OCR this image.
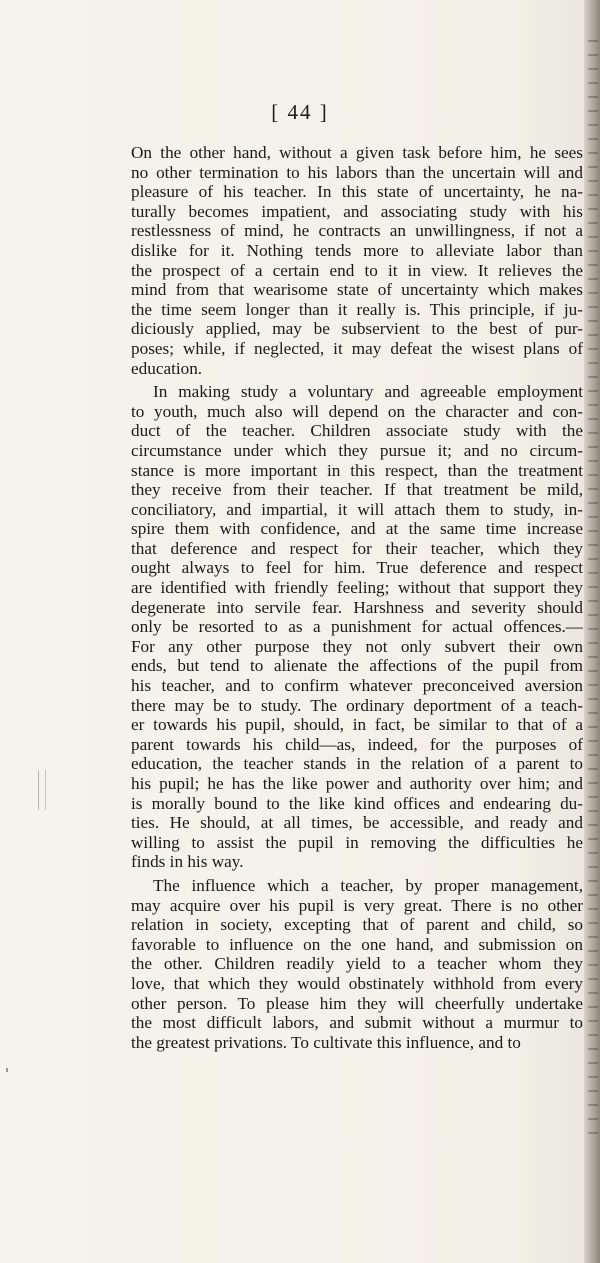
[ 44 ]
On the other hand, without a given task before him, he sees
no other termination to his labors than the uncertain will and
pleasure of his teacher. In this state of uncertainty, he na-
turally becomes impatient, and associating study with his
restlessness of mind, he contracts an unwillingness, if not a
dislike for it. Nothing tends more to alleviate labor than
the prospect of a certain end to it in view. It relieves the
mind from that wearisome state of uncertainty which makes
the time seem longer than it really is. This principle, if ju-
diciously applied, may be subservient to the best of pur-
poses; while, if neglected, it may defeat the wisest plans of
education.
In making study a voluntary and agreeable employment
to youth, much also will depend on the character and con-
duct of the teacher. Children associate study with the
circumstance under which they pursue it; and no circum-
stance is more important in this respect, than the treatment
they receive from their teacher. If that treatment be mild,
conciliatory, and impartial, it will attach them to study, in-
spire them with confidence, and at the same time increase
that deference and respect for their teacher, which they
ought always to feel for him. True deference and respect
are identified with friendly feeling; without that support they
degenerate into servile fear. Harshness and severity should
only be resorted to as a punishment for actual offences.—
For any other purpose they not only subvert their own
ends, but tend to alienate the affections of the pupil from
his teacher, and to confirm whatever preconceived aversion
there may be to study. The ordinary deportment of a teach-
er towards his pupil, should, in fact, be similar to that of a
parent towards his child—as, indeed, for the purposes of
education, the teacher stands in the relation of a parent to
his pupil; he has the like power and authority over him; and
is morally bound to the like kind offices and endearing du-
ties. He should, at all times, be accessible, and ready and
willing to assist the pupil in removing the difficulties he
finds in his way.
The influence which a teacher, by proper management,
may acquire over his pupil is very great. There is no other
relation in society, excepting that of parent and child, so
favorable to influence on the one hand, and submission on
the other. Children readily yield to a teacher whom they
love, that which they would obstinately withhold from every
other person. To please him they will cheerfully undertake
the most difficult labors, and submit without a murmur to
the greatest privations. To cultivate this influence, and to
